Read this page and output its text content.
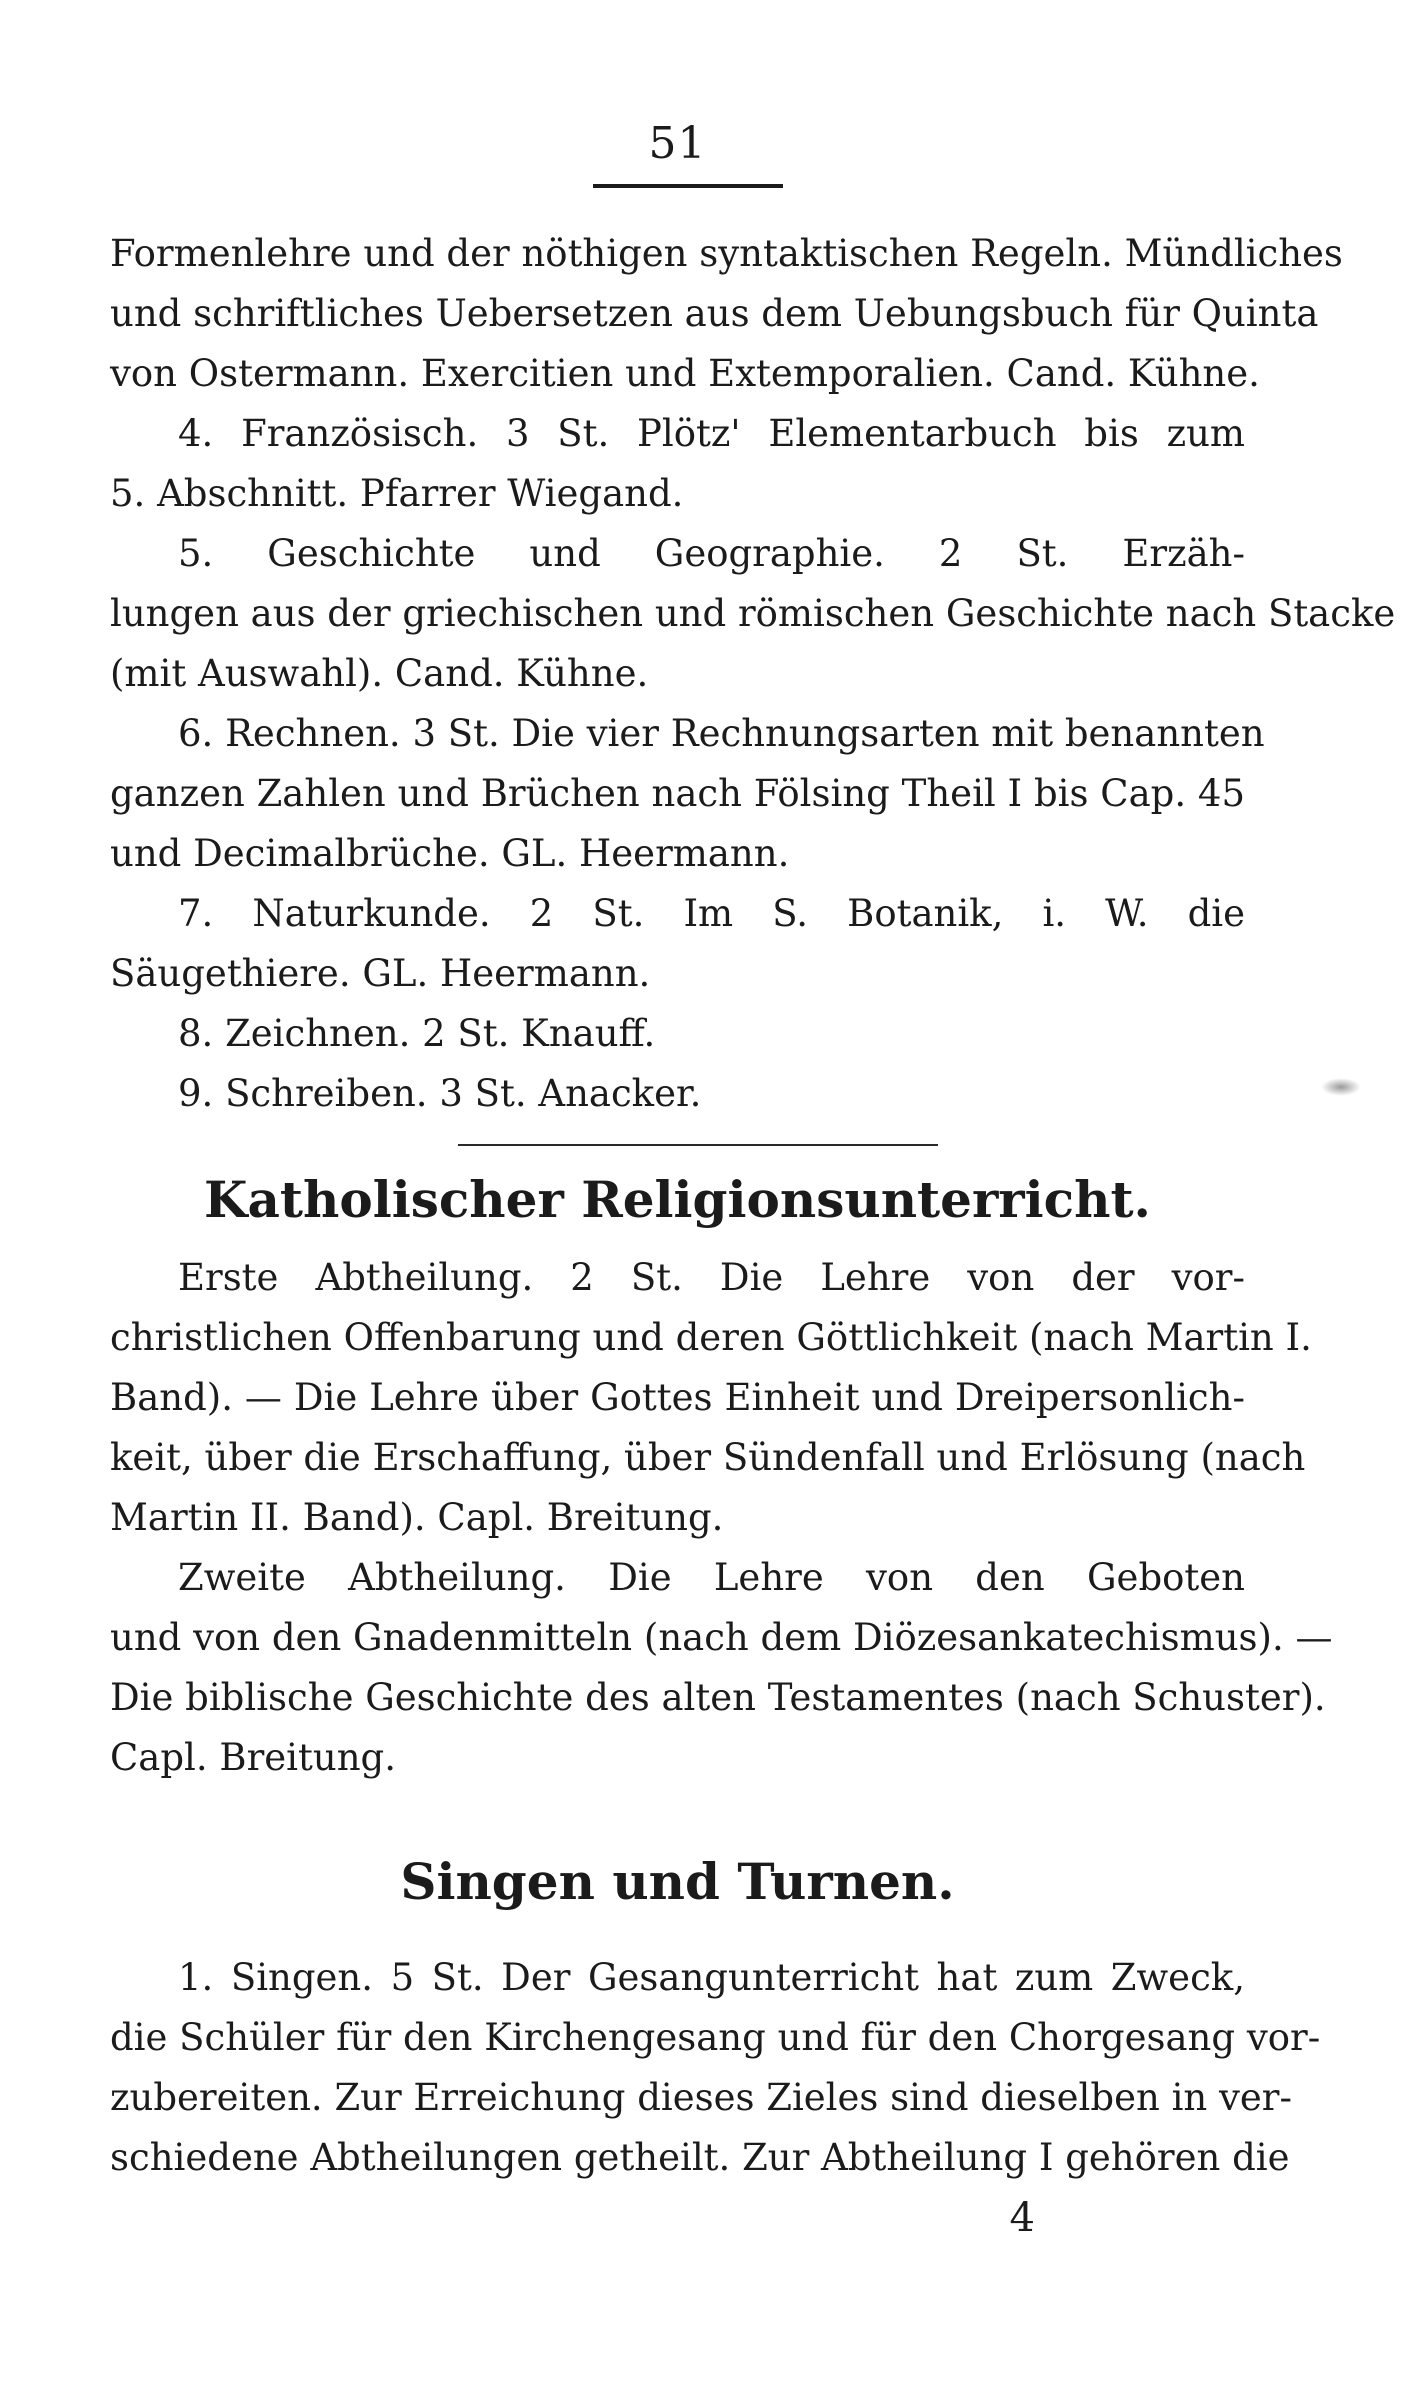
51
Formenlehre und der nöthigen syntaktischen Regeln. Mündliches
und schriftliches Uebersetzen aus dem Uebungsbuch für Quinta
von Ostermann. Exercitien und Extemporalien. Cand. Kühne.
4. Französisch. 3 St. Plötz' Elementarbuch bis zum
5. Abschnitt. Pfarrer Wiegand.
5. Geschichte und Geographie. 2 St. Erzäh-
lungen aus der griechischen und römischen Geschichte nach Stacke
(mit Auswahl). Cand. Kühne.
6. Rechnen. 3 St. Die vier Rechnungsarten mit benannten
ganzen Zahlen und Brüchen nach Fölsing Theil I bis Cap. 45
und Decimalbrüche. GL. Heermann.
7. Naturkunde. 2 St. Im S. Botanik, i. W. die
Säugethiere. GL. Heermann.
8. Zeichnen. 2 St. Knauff.
9. Schreiben. 3 St. Anacker.
Katholischer Religionsunterricht.
Erste Abtheilung. 2 St. Die Lehre von der vor-
christlichen Offenbarung und deren Göttlichkeit (nach Martin I.
Band). — Die Lehre über Gottes Einheit und Dreipersonlich-
keit, über die Erschaffung, über Sündenfall und Erlösung (nach
Martin II. Band). Capl. Breitung.
Zweite Abtheilung. Die Lehre von den Geboten
und von den Gnadenmitteln (nach dem Diözesankatechismus). —
Die biblische Geschichte des alten Testamentes (nach Schuster).
Capl. Breitung.
Singen und Turnen.
1. Singen. 5 St. Der Gesangunterricht hat zum Zweck,
die Schüler für den Kirchengesang und für den Chorgesang vor-
zubereiten. Zur Erreichung dieses Zieles sind dieselben in ver-
schiedene Abtheilungen getheilt. Zur Abtheilung I gehören die
4
